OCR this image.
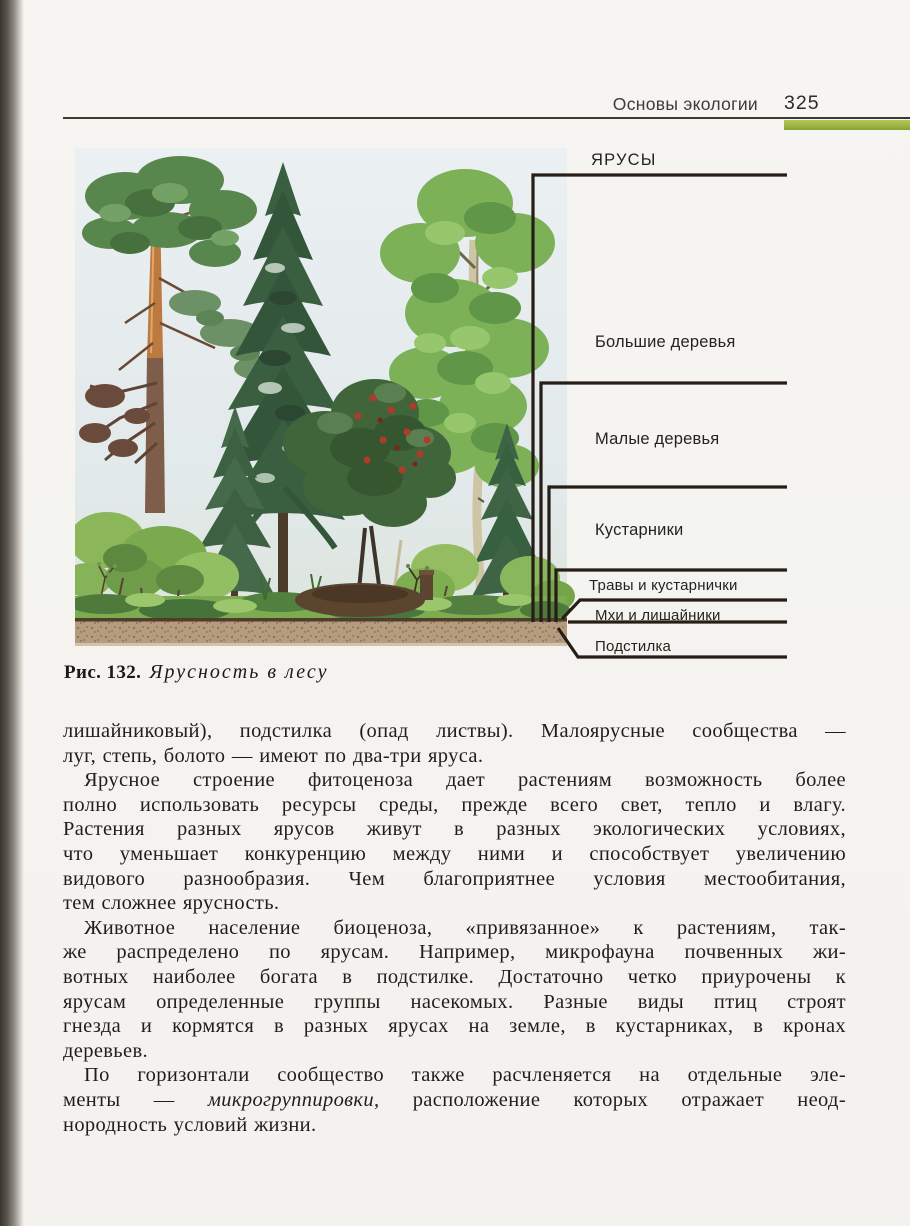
Основы экологии 325
ЯРУСЫ
Большие деревья
Малые деревья
Кустарники
Травы и кустарнички
Мхи и лишайники
Подстилка
Рис. 132. Ярусность в лесу
лишайниковый), подстилка (опад листвы). Малоярусные сообщества —
луг, степь, болото — имеют по два-три яруса.
Ярусное строение фитоценоза дает растениям возможность более
полно использовать ресурсы среды, прежде всего свет, тепло и влагу.
Растения разных ярусов живут в разных экологических условиях,
что уменьшает конкуренцию между ними и способствует увеличению
видового разнообразия. Чем благоприятнее условия местообитания,
тем сложнее ярусность.
Животное население биоценоза, «привязанное» к растениям, так-
же распределено по ярусам. Например, микрофауна почвенных жи-
вотных наиболее богата в подстилке. Достаточно четко приурочены к
ярусам определенные группы насекомых. Разные виды птиц строят
гнезда и кормятся в разных ярусах на земле, в кустарниках, в кронах
деревьев.
По горизонтали сообщество также расчленяется на отдельные эле-
менты — микрогруппировки, расположение которых отражает неод-
нородность условий жизни.
